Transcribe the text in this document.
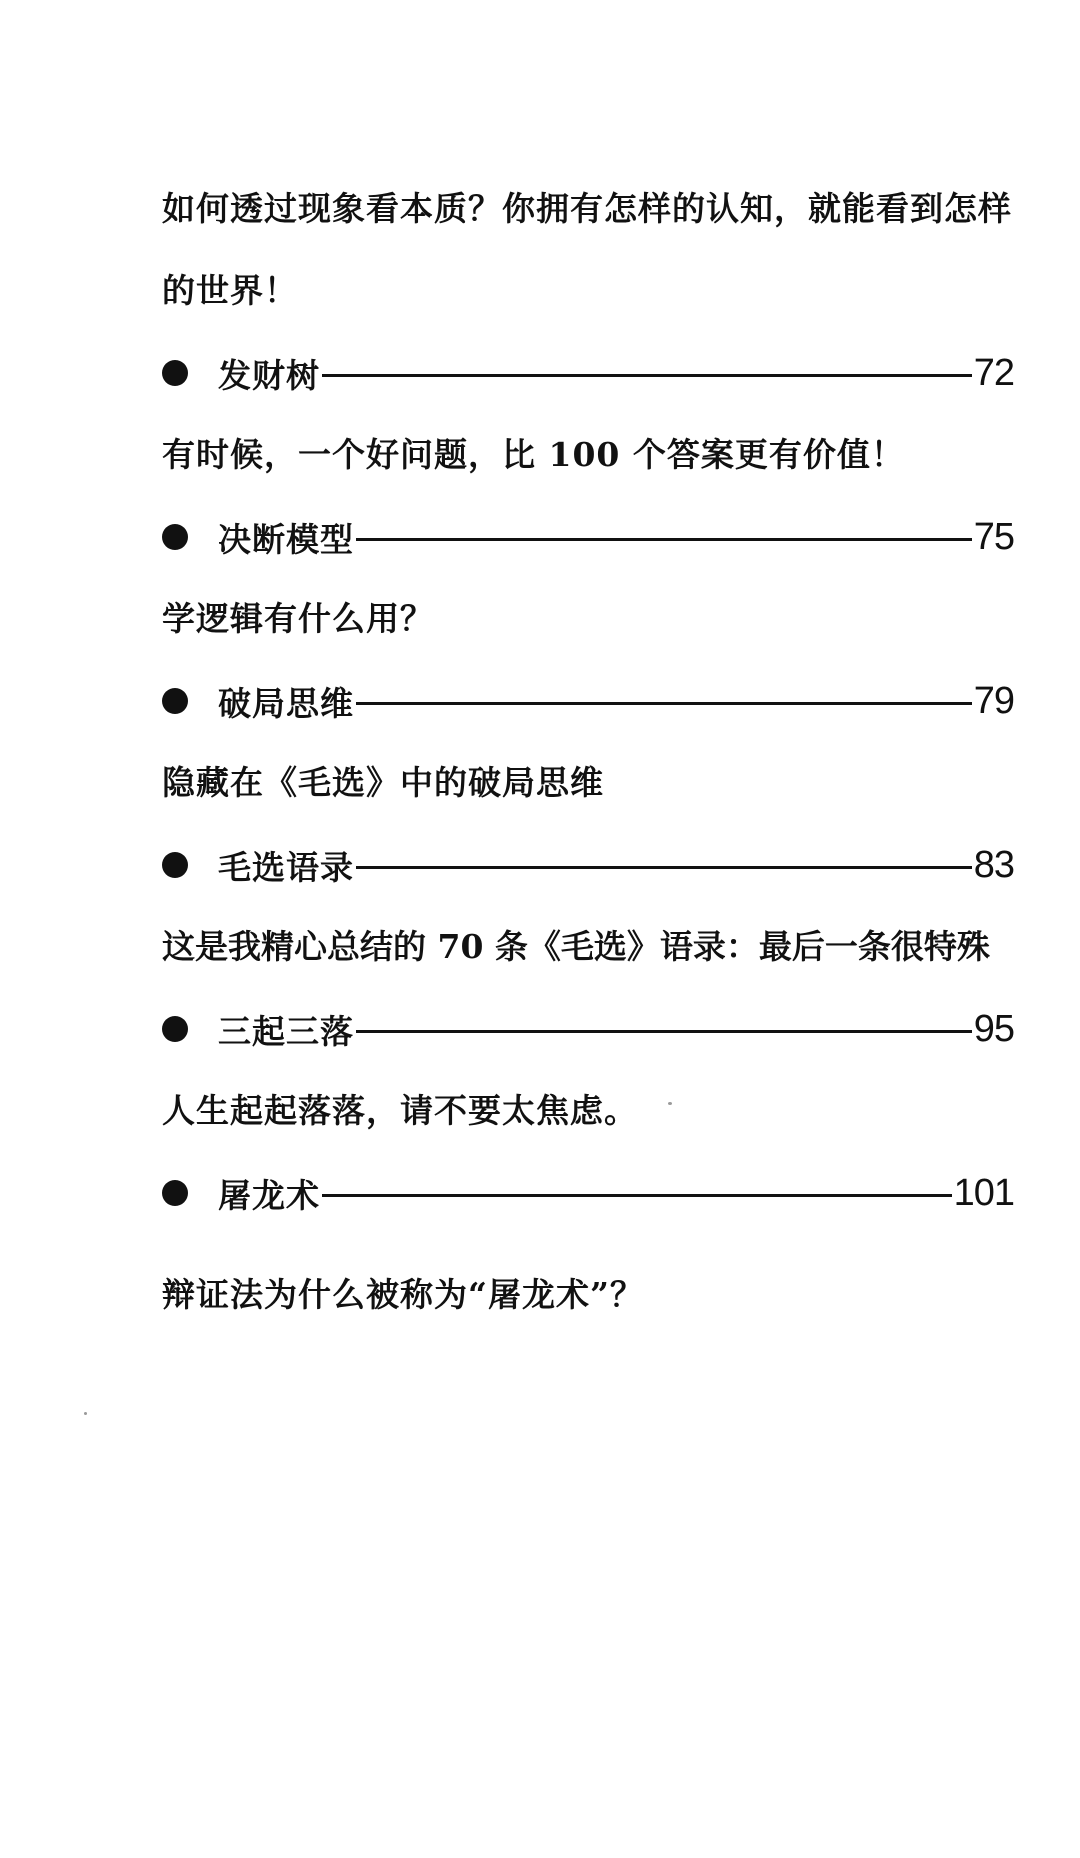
如何透过现象看本质？你拥有怎样的认知，就能看到怎样的世界！

发财树	72

有时候，一个好问题，比 100 个答案更有价值！

决断模型	75

学逻辑有什么用？

破局思维	79

隐藏在《毛选》中的破局思维

毛选语录	83

这是我精心总结的 70 条《毛选》语录：最后一条很特殊

三起三落	95

人生起起落落，请不要太焦虑。

屠龙术	101

辩证法为什么被称为“屠龙术”？
